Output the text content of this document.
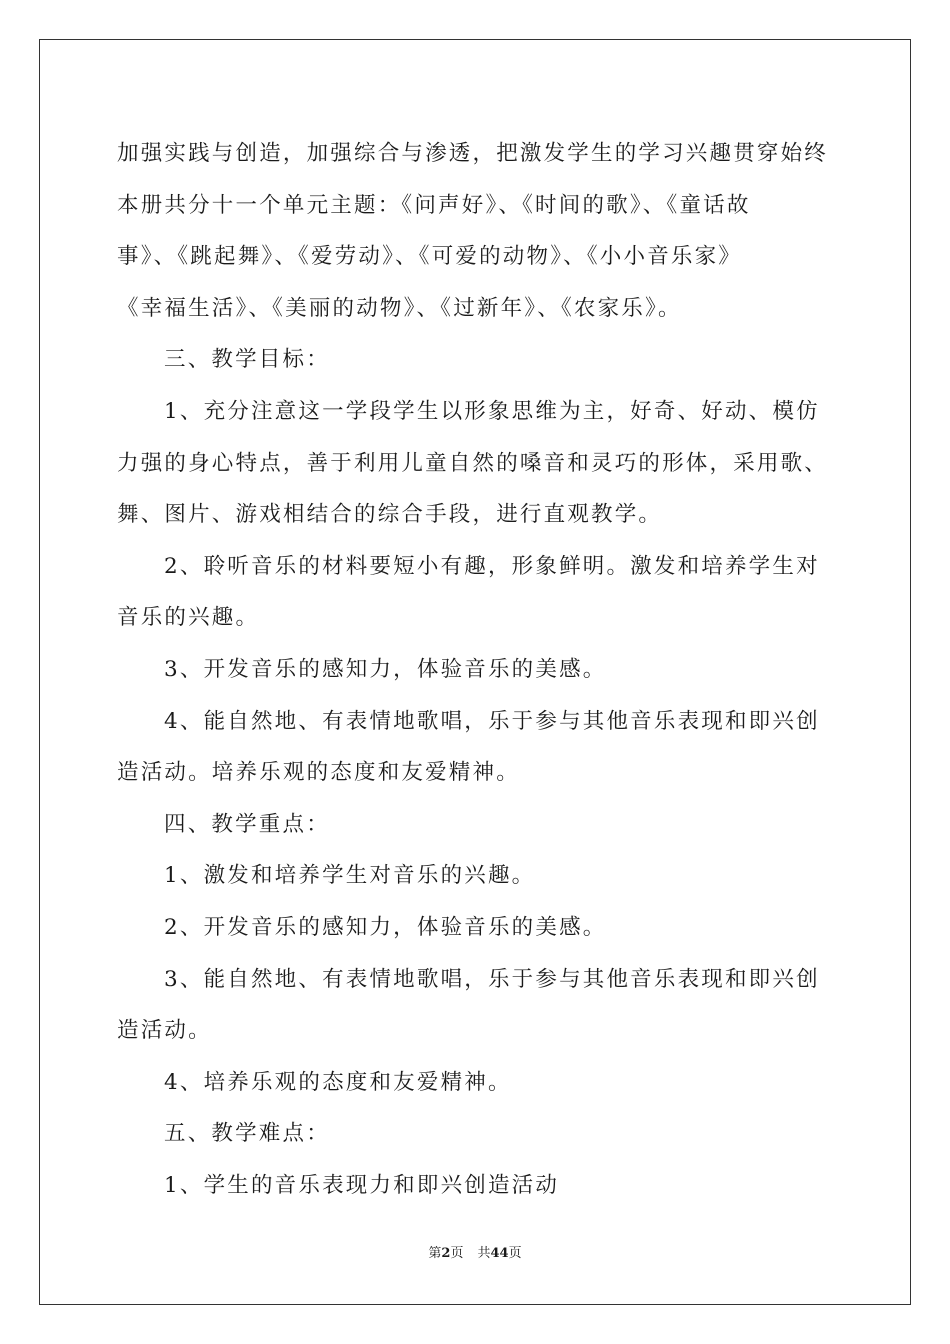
加强实践与创造，加强综合与渗透，把激发学生的学习兴趣贯穿始终
本册共分十一个单元主题：《问声好》、《时间的歌》、《童话故
事》、《跳起舞》、《爱劳动》、《可爱的动物》、《小小音乐家》
《幸福生活》、《美丽的动物》、《过新年》、《农家乐》。
三、教学目标：
1、充分注意这一学段学生以形象思维为主，好奇、好动、模仿
力强的身心特点，善于利用儿童自然的嗓音和灵巧的形体，采用歌、
舞、图片、游戏相结合的综合手段，进行直观教学。
2、聆听音乐的材料要短小有趣，形象鲜明。激发和培养学生对
音乐的兴趣。
3、开发音乐的感知力，体验音乐的美感。
4、能自然地、有表情地歌唱，乐于参与其他音乐表现和即兴创
造活动。培养乐观的态度和友爱精神。
四、教学重点：
1、激发和培养学生对音乐的兴趣。
2、开发音乐的感知力，体验音乐的美感。
3、能自然地、有表情地歌唱，乐于参与其他音乐表现和即兴创
造活动。
4、培养乐观的态度和友爱精神。
五、教学难点：
1、学生的音乐表现力和即兴创造活动
第2页 共44页
